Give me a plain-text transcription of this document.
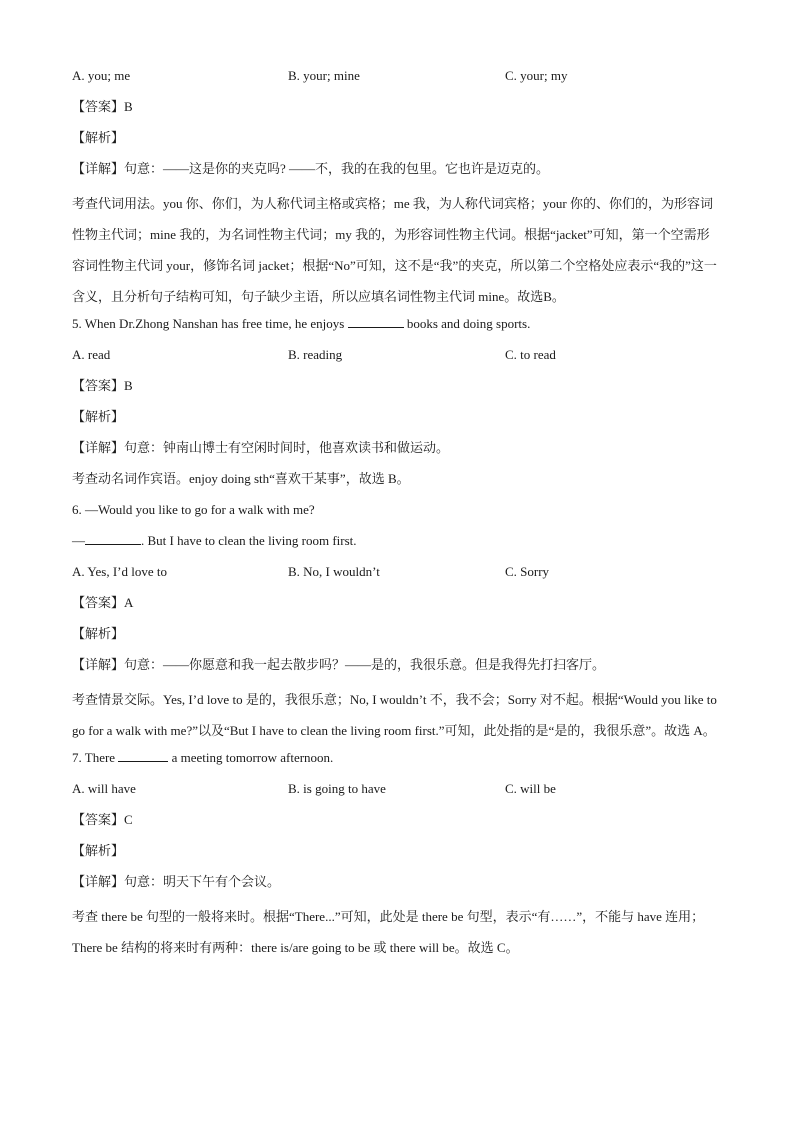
A. you; me	B. your; mine	C. your; my
【答案】B
【解析】
【详解】句意：——这是你的夹克吗? ——不，我的在我的包里。它也许是迈克的。
考查代词用法。you 你、你们，为人称代词主格或宾格；me 我，为人称代词宾格；your 你的、你们的，为形容词性物主代词；mine 我的，为名词性物主代词；my 我的，为形容词性物主代词。根据“jacket”可知，第一个空需形容词性物主代词 your，修饰名词 jacket；根据“No”可知，这不是“我”的夹克，所以第二个空格处应表示“我的”这一含义，且分析句子结构可知，句子缺少主语，所以应填名词性物主代词 mine。故选B。
5. When Dr.Zhong Nanshan has free time, he enjoys	books and doing sports.
A. read	B. reading	C. to read
【答案】B
【解析】
【详解】句意：钟南山博士有空闲时间时，他喜欢读书和做运动。
考查动名词作宾语。enjoy doing sth“喜欢干某事”，故选 B。
6. —Would you like to go for a walk with me?
—	. But I have to clean the living room first.
A. Yes, I’d love to	B. No, I wouldn’t	C. Sorry
【答案】A
【解析】
【详解】句意：——你愿意和我一起去散步吗？——是的，我很乐意。但是我得先打扫客厅。
考查情景交际。Yes, I’d love to 是的，我很乐意；No, I wouldn’t 不，我不会；Sorry 对不起。根据“Would you like to go for a walk with me?”以及“But I have to clean the living room first.”可知，此处指的是“是的，我很乐意”。故选 A。
7. There	a meeting tomorrow afternoon.
A. will have	B. is going to have	C. will be
【答案】C
【解析】
【详解】句意：明天下午有个会议。
考查 there be 句型的一般将来时。根据“There...”可知，此处是 there be 句型，表示“有……”，不能与 have 连用；There be 结构的将来时有两种：there is/are going to be 或 there will be。故选 C。
